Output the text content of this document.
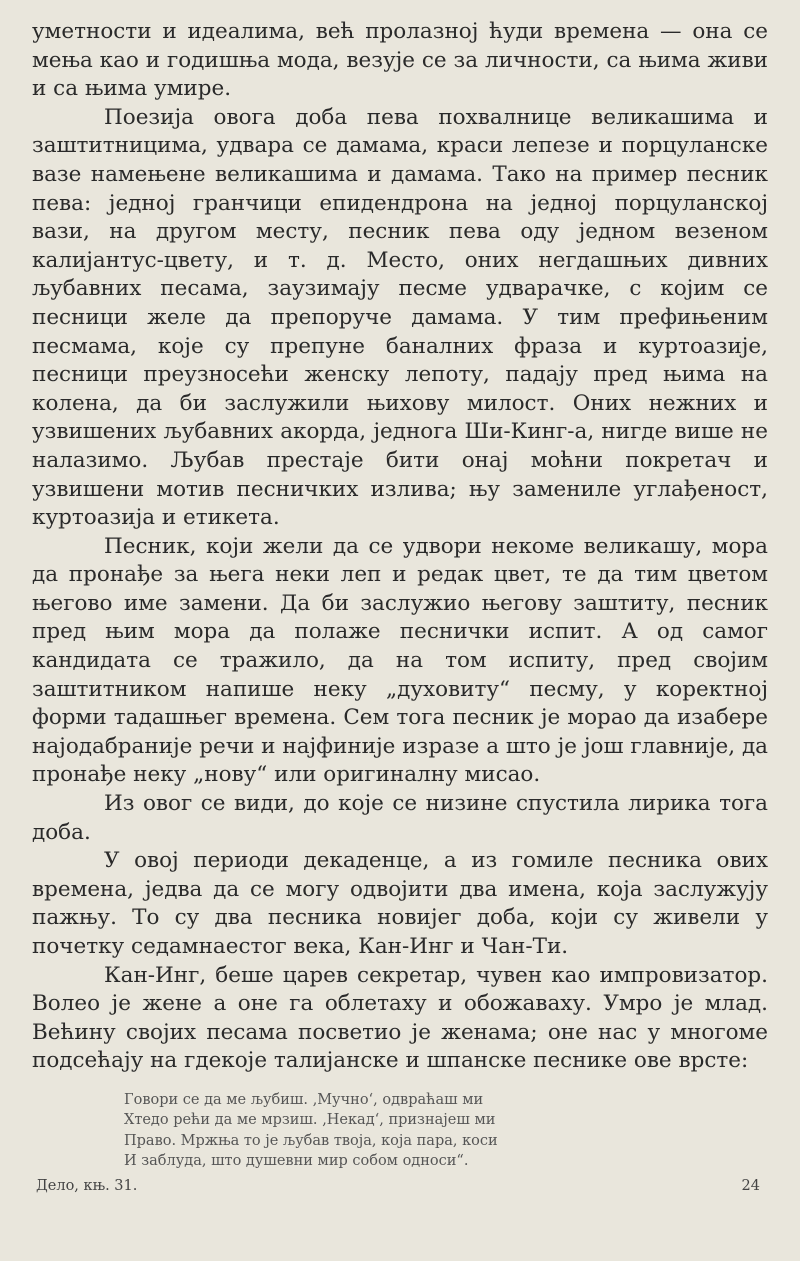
уметности и идеалима, већ пролазној ћуди времена — она се мења као и годишња мода, везује се за личности, са њима живи и са њима умире.

Поезија овога доба пева похвалнице великашима и заштитницима, удвара се дамама, краси лепезе и порцуланске вазе намењене великашима и дамама. Тако на пример песник пева: једној гранчици епидендрона на једној порцуланској вази, на другом месту, песник пева оду једном везеном калијантус-цвету, и т. д. Место, оних негдашњих дивних љубавних песама, заузимају песме удварачке, с којим се песници желе да препоруче дамама. У тим префињеним песмама, које су препуне баналних фраза и куртоазије, песници преузносећи женску лепоту, падају пред њима на колена, да би заслужили њихову милост. Оних нежних и узвишених љубавних акорда, једнога Ши-Кинг-а, нигде више не налазимо. Љубав престаје бити онај моћни покретач и узвишени мотив песничких излива; њу замениле углађеност, куртоазија и етикета.

Песник, који жели да се удвори некоме великашу, мора да пронађе за њега неки леп и редак цвет, те да тим цветом његово име замени. Да би заслужио његову заштиту, песник пред њим мора да полаже песнички испит. А од самог кандидата се тражило, да на том испиту, пред својим заштитником напише неку „духовиту“ песму, у коректној форми тадашњег времена. Сем тога песник је морао да изабере најодабраније речи и најфиније изразе а што је још главније, да пронађе неку „нову“ или оригиналну мисао.

Из овог се види, до које се низине спустила лирика тога доба.

У овој периоди декаденце, а из гомиле песника ових времена, једва да се могу одвојити два имена, која заслужују пажњу. То су два песника новијег доба, који су живели у почетку седамнаестог века, Кан-Инг и Чан-Ти.

Кан-Инг, беше царев секретар, чувен као импровизатор. Волео је жене а оне га облетаху и обожаваху. Умро је млад. Већину својих песама посветио је женама; оне нас у многоме подсећају на гдекоје талијанске и шпанске песнике ове врсте:

Говори се да ме љубиш. ‚Мучно‘, одвраћаш ми
Хтедо рећи да ме мрзиш. ‚Некад‘, признајеш ми
Право. Мржња то је љубав твоја, која пара, коси
И заблуда, што душевни мир собом односи“.
Дело, књ. 31.	24
